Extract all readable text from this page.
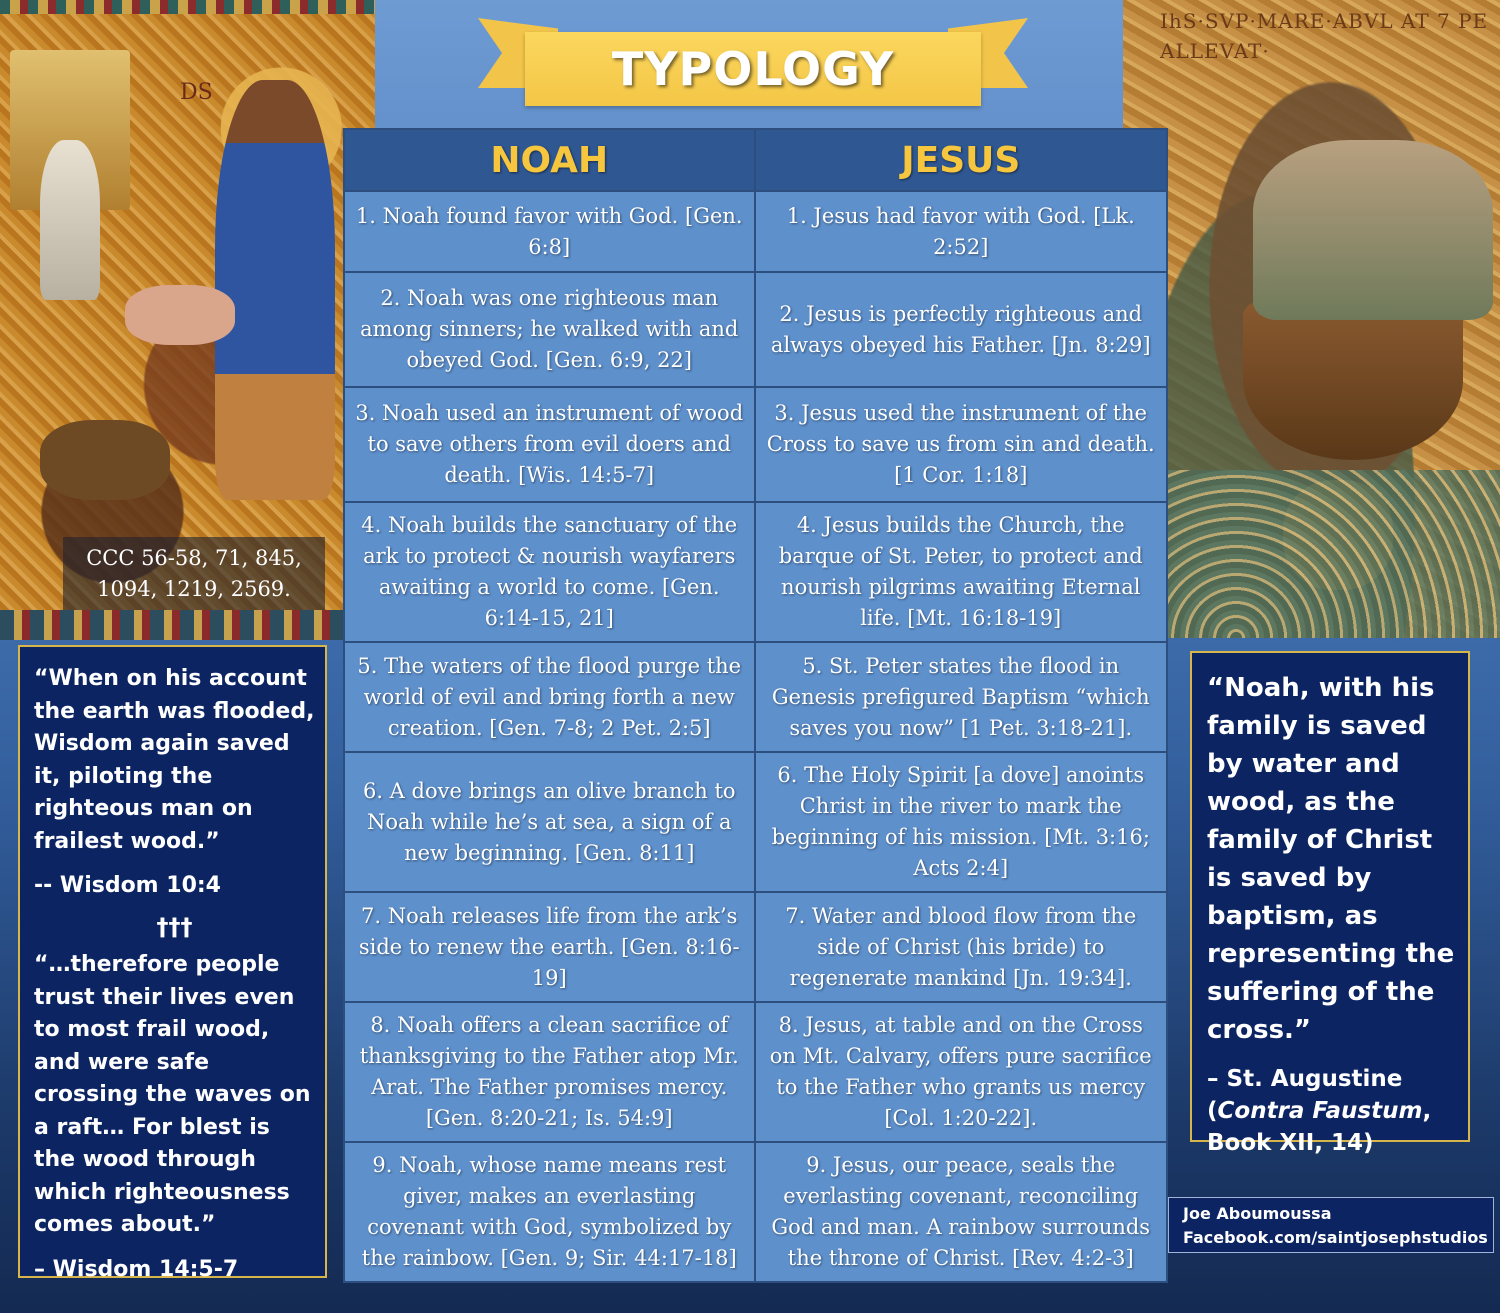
DS
IhS·SVP·MARE·ABVL AT 7 PE
ALLEVAT·
TYPOLOGY
NOAH	JESUS
1. Noah found favor with God. [Gen. 6:8]
1. Jesus had favor with God. [Lk. 2:52]
2. Noah was one righteous man among sinners; he walked with and obeyed God. [Gen. 6:9, 22]
2. Jesus is perfectly righteous and always obeyed his Father. [Jn. 8:29]
3. Noah used an instrument of wood to save others from evil doers and death. [Wis. 14:5-7]
3. Jesus used the instrument of the Cross to save us from sin and death. [1 Cor. 1:18]
4. Noah builds the sanctuary of the ark to protect & nourish wayfarers awaiting a world to come. [Gen. 6:14-15, 21]
4. Jesus builds the Church, the barque of St. Peter, to protect and nourish pilgrims awaiting Eternal life. [Mt. 16:18-19]
5. The waters of the flood purge the world of evil and bring forth a new creation. [Gen. 7-8; 2 Pet. 2:5]
5. St. Peter states the flood in Genesis prefigured Baptism “which saves you now” [1 Pet. 3:18-21].
6. A dove brings an olive branch to Noah while he’s at sea, a sign of a new beginning. [Gen. 8:11]
6. The Holy Spirit [a dove] anoints Christ in the river to mark the beginning of his mission. [Mt. 3:16; Acts 2:4]
7. Noah releases life from the ark’s side to renew the earth. [Gen. 8:16-19]
7. Water and blood flow from the side of Christ (his bride) to regenerate mankind [Jn. 19:34].
8. Noah offers a clean sacrifice of thanksgiving to the Father atop Mr. Arat. The Father promises mercy. [Gen. 8:20-21; Is. 54:9]
8. Jesus, at table and on the Cross on Mt. Calvary, offers pure sacrifice to the Father who grants us mercy [Col. 1:20-22].
9. Noah, whose name means rest giver, makes an everlasting covenant with God, symbolized by the rainbow. [Gen. 9; Sir. 44:17-18]
9. Jesus, our peace, seals the everlasting covenant, reconciling God and man. A rainbow surrounds the throne of Christ. [Rev. 4:2-3]
CCC 56-58, 71, 845, 1094, 1219, 2569.

“When on his account the earth was flooded, Wisdom again saved it, piloting the righteous man on frailest wood.”

-- Wisdom 10:4

†††

“…therefore people trust their lives even to most frail wood, and were safe crossing the waves on a raft… For blest is the wood through which righteousness comes about.”

– Wisdom 14:5-7

“Noah, with his family is saved by water and wood, as the family of Christ is saved by baptism, as representing the suffering of the cross.”

– St. Augustine
(Contra Faustum, Book XII, 14)

Joe Aboumoussa
Facebook.com/saintjosephstudios
